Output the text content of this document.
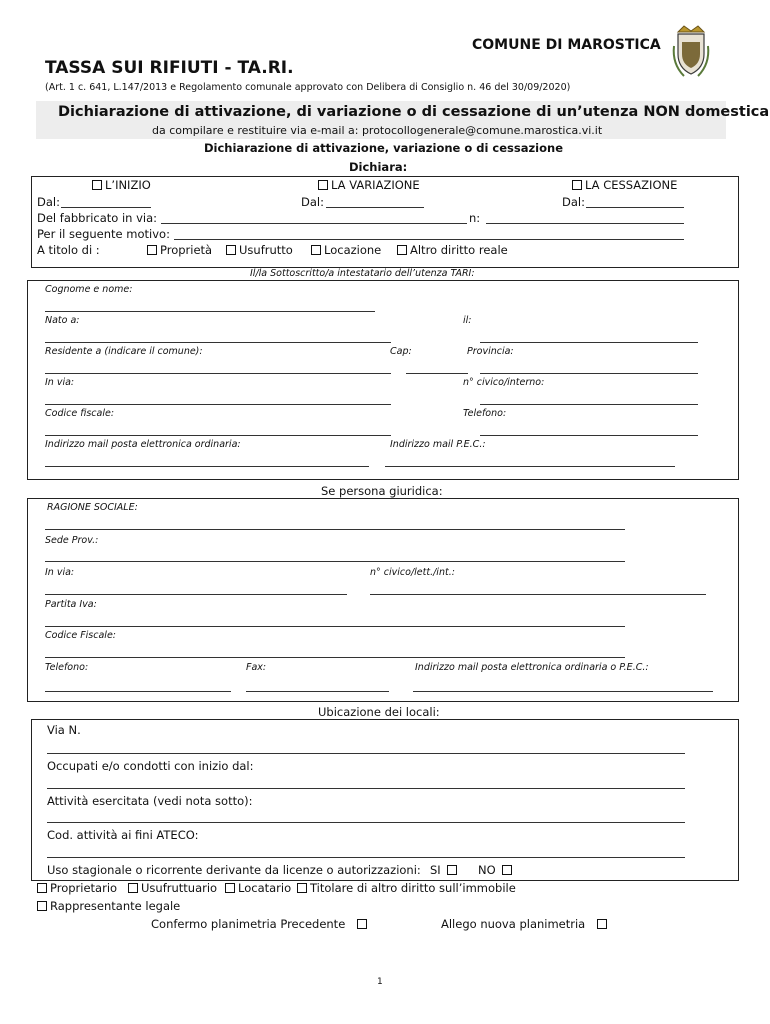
COMUNE DI MAROSTICA
TASSA SUI RIFIUTI - TA.RI.
(Art. 1 c. 641, L.147/2013 e Regolamento comunale approvato con Delibera di Consiglio n. 46 del 30/09/2020)
Dichiarazione di attivazione, di variazione o di cessazione di un’utenza NON domestica
da compilare e restituire via e-mail a: protocollogenerale@comune.marostica.vi.it
Dichiarazione di attivazione, variazione o di cessazione
Dichiara:
L’INIZIO	LA VARIAZIONE	LA CESSAZIONE
Dal:	Dal:	Dal:
Del fabbricato in via:	n:
Per il seguente motivo:
A titolo di :	Proprietà	Usufrutto	Locazione	Altro diritto reale
Il/la Sottoscritto/a intestatario dell’utenza TARI:
Cognome e nome:
Nato a:	il:
Residente a (indicare il comune):	Cap:	Provincia:
In via:	n° civico/interno:
Codice fiscale:	Telefono:
Indirizzo mail posta elettronica ordinaria:	Indirizzo mail P.E.C.:
Se persona giuridica:
RAGIONE SOCIALE:
Sede Prov.:
In via:	n° civico/lett./int.:
Partita Iva:
Codice Fiscale:
Telefono:	Fax:	Indirizzo mail posta elettronica ordinaria o P.E.C.:
Ubicazione dei locali:
Via N.
Occupati e/o condotti con inizio dal:
Attività esercitata (vedi nota sotto):
Cod. attività ai fini ATECO:
Uso stagionale o ricorrente derivante da licenze o autorizzazioni: SI	NO
Proprietario	Usufruttuario	Locatario	Titolare di altro diritto sull’immobile
Rappresentante legale
Confermo planimetria Precedente	Allego nuova planimetria
1
